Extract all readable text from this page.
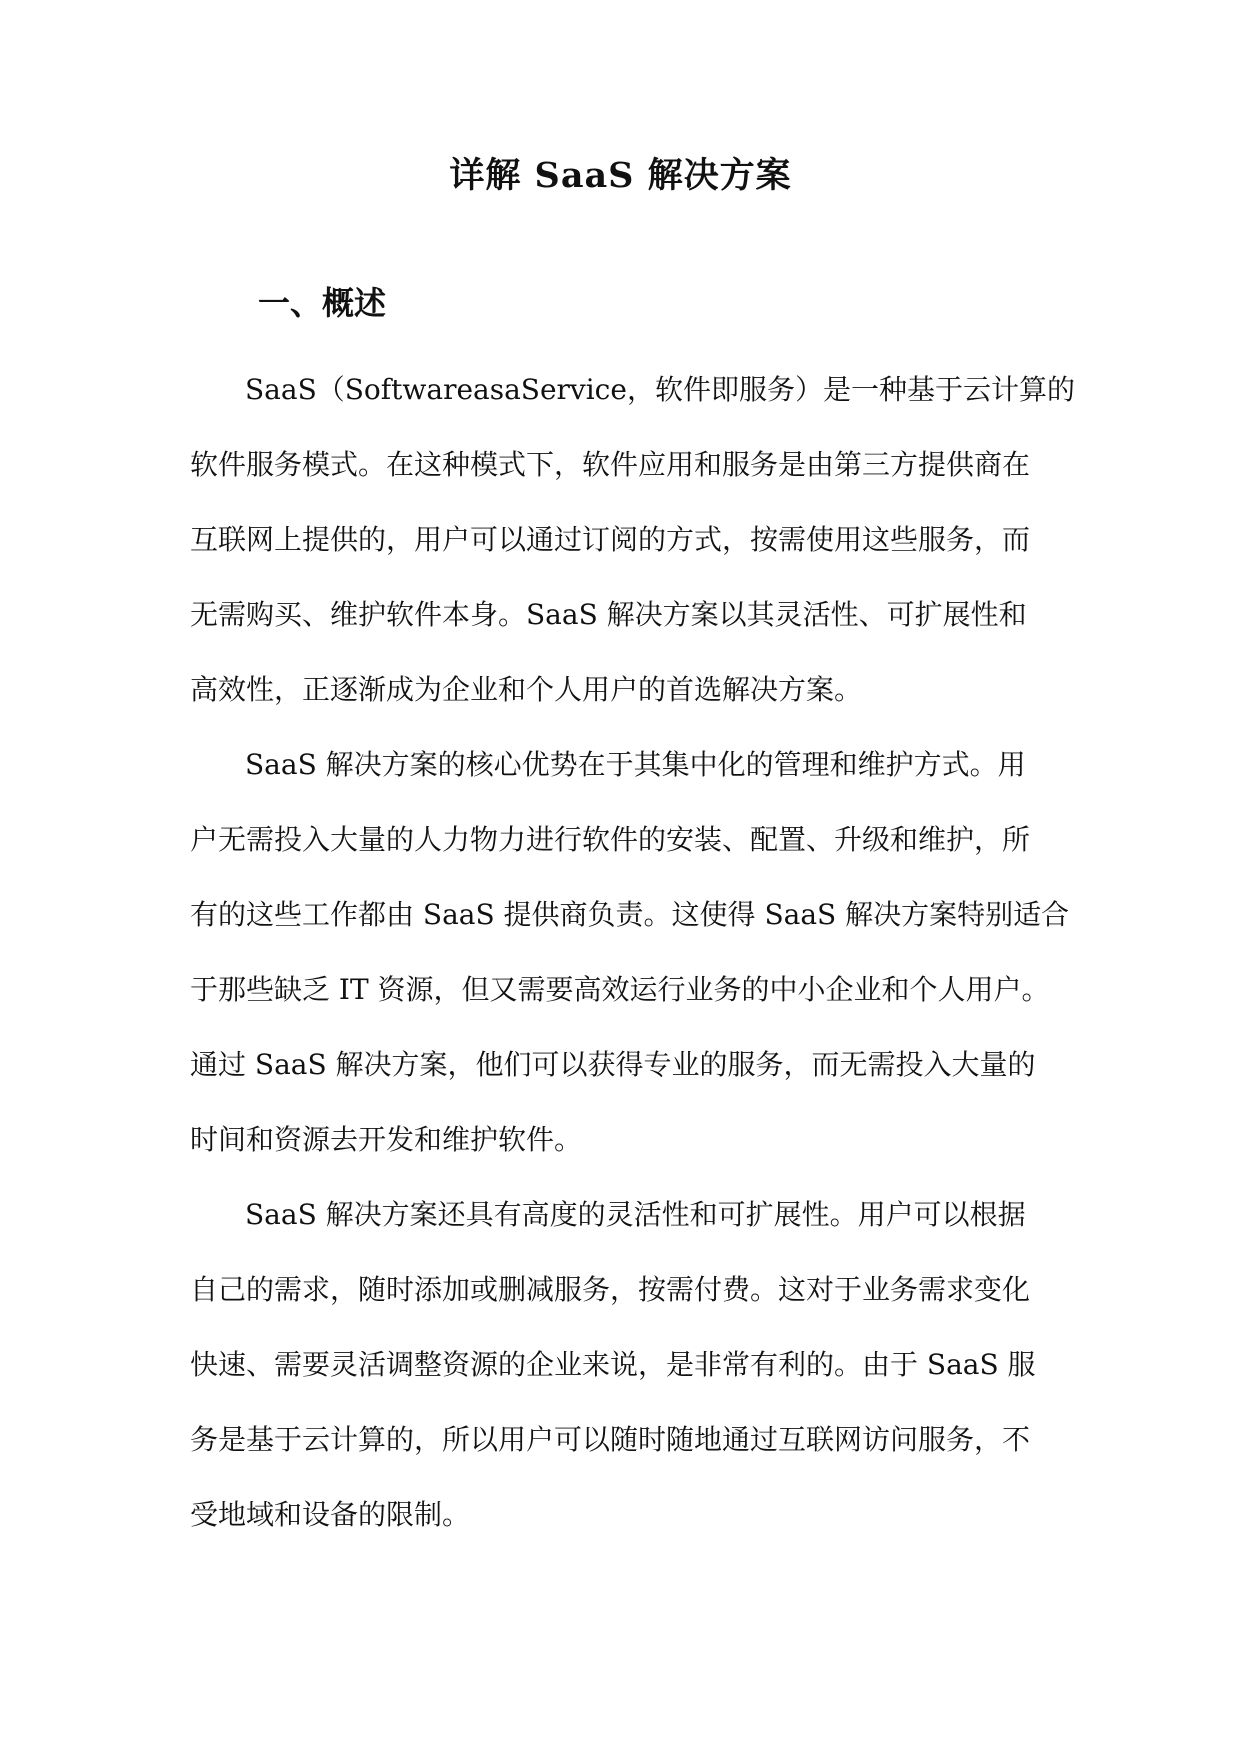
详解 SaaS 解决方案
一、概述

SaaS（SoftwareasaService，软件即服务）是一种基于云计算的

软件服务模式。在这种模式下，软件应用和服务是由第三方提供商在

互联网上提供的，用户可以通过订阅的方式，按需使用这些服务，而

无需购买、维护软件本身。SaaS 解决方案以其灵活性、可扩展性和

高效性，正逐渐成为企业和个人用户的首选解决方案。

SaaS 解决方案的核心优势在于其集中化的管理和维护方式。用

户无需投入大量的人力物力进行软件的安装、配置、升级和维护，所

有的这些工作都由 SaaS 提供商负责。这使得 SaaS 解决方案特别适合

于那些缺乏 IT 资源，但又需要高效运行业务的中小企业和个人用户。

通过 SaaS 解决方案，他们可以获得专业的服务，而无需投入大量的

时间和资源去开发和维护软件。

SaaS 解决方案还具有高度的灵活性和可扩展性。用户可以根据

自己的需求，随时添加或删减服务，按需付费。这对于业务需求变化

快速、需要灵活调整资源的企业来说，是非常有利的。由于 SaaS 服

务是基于云计算的，所以用户可以随时随地通过互联网访问服务，不

受地域和设备的限制。
